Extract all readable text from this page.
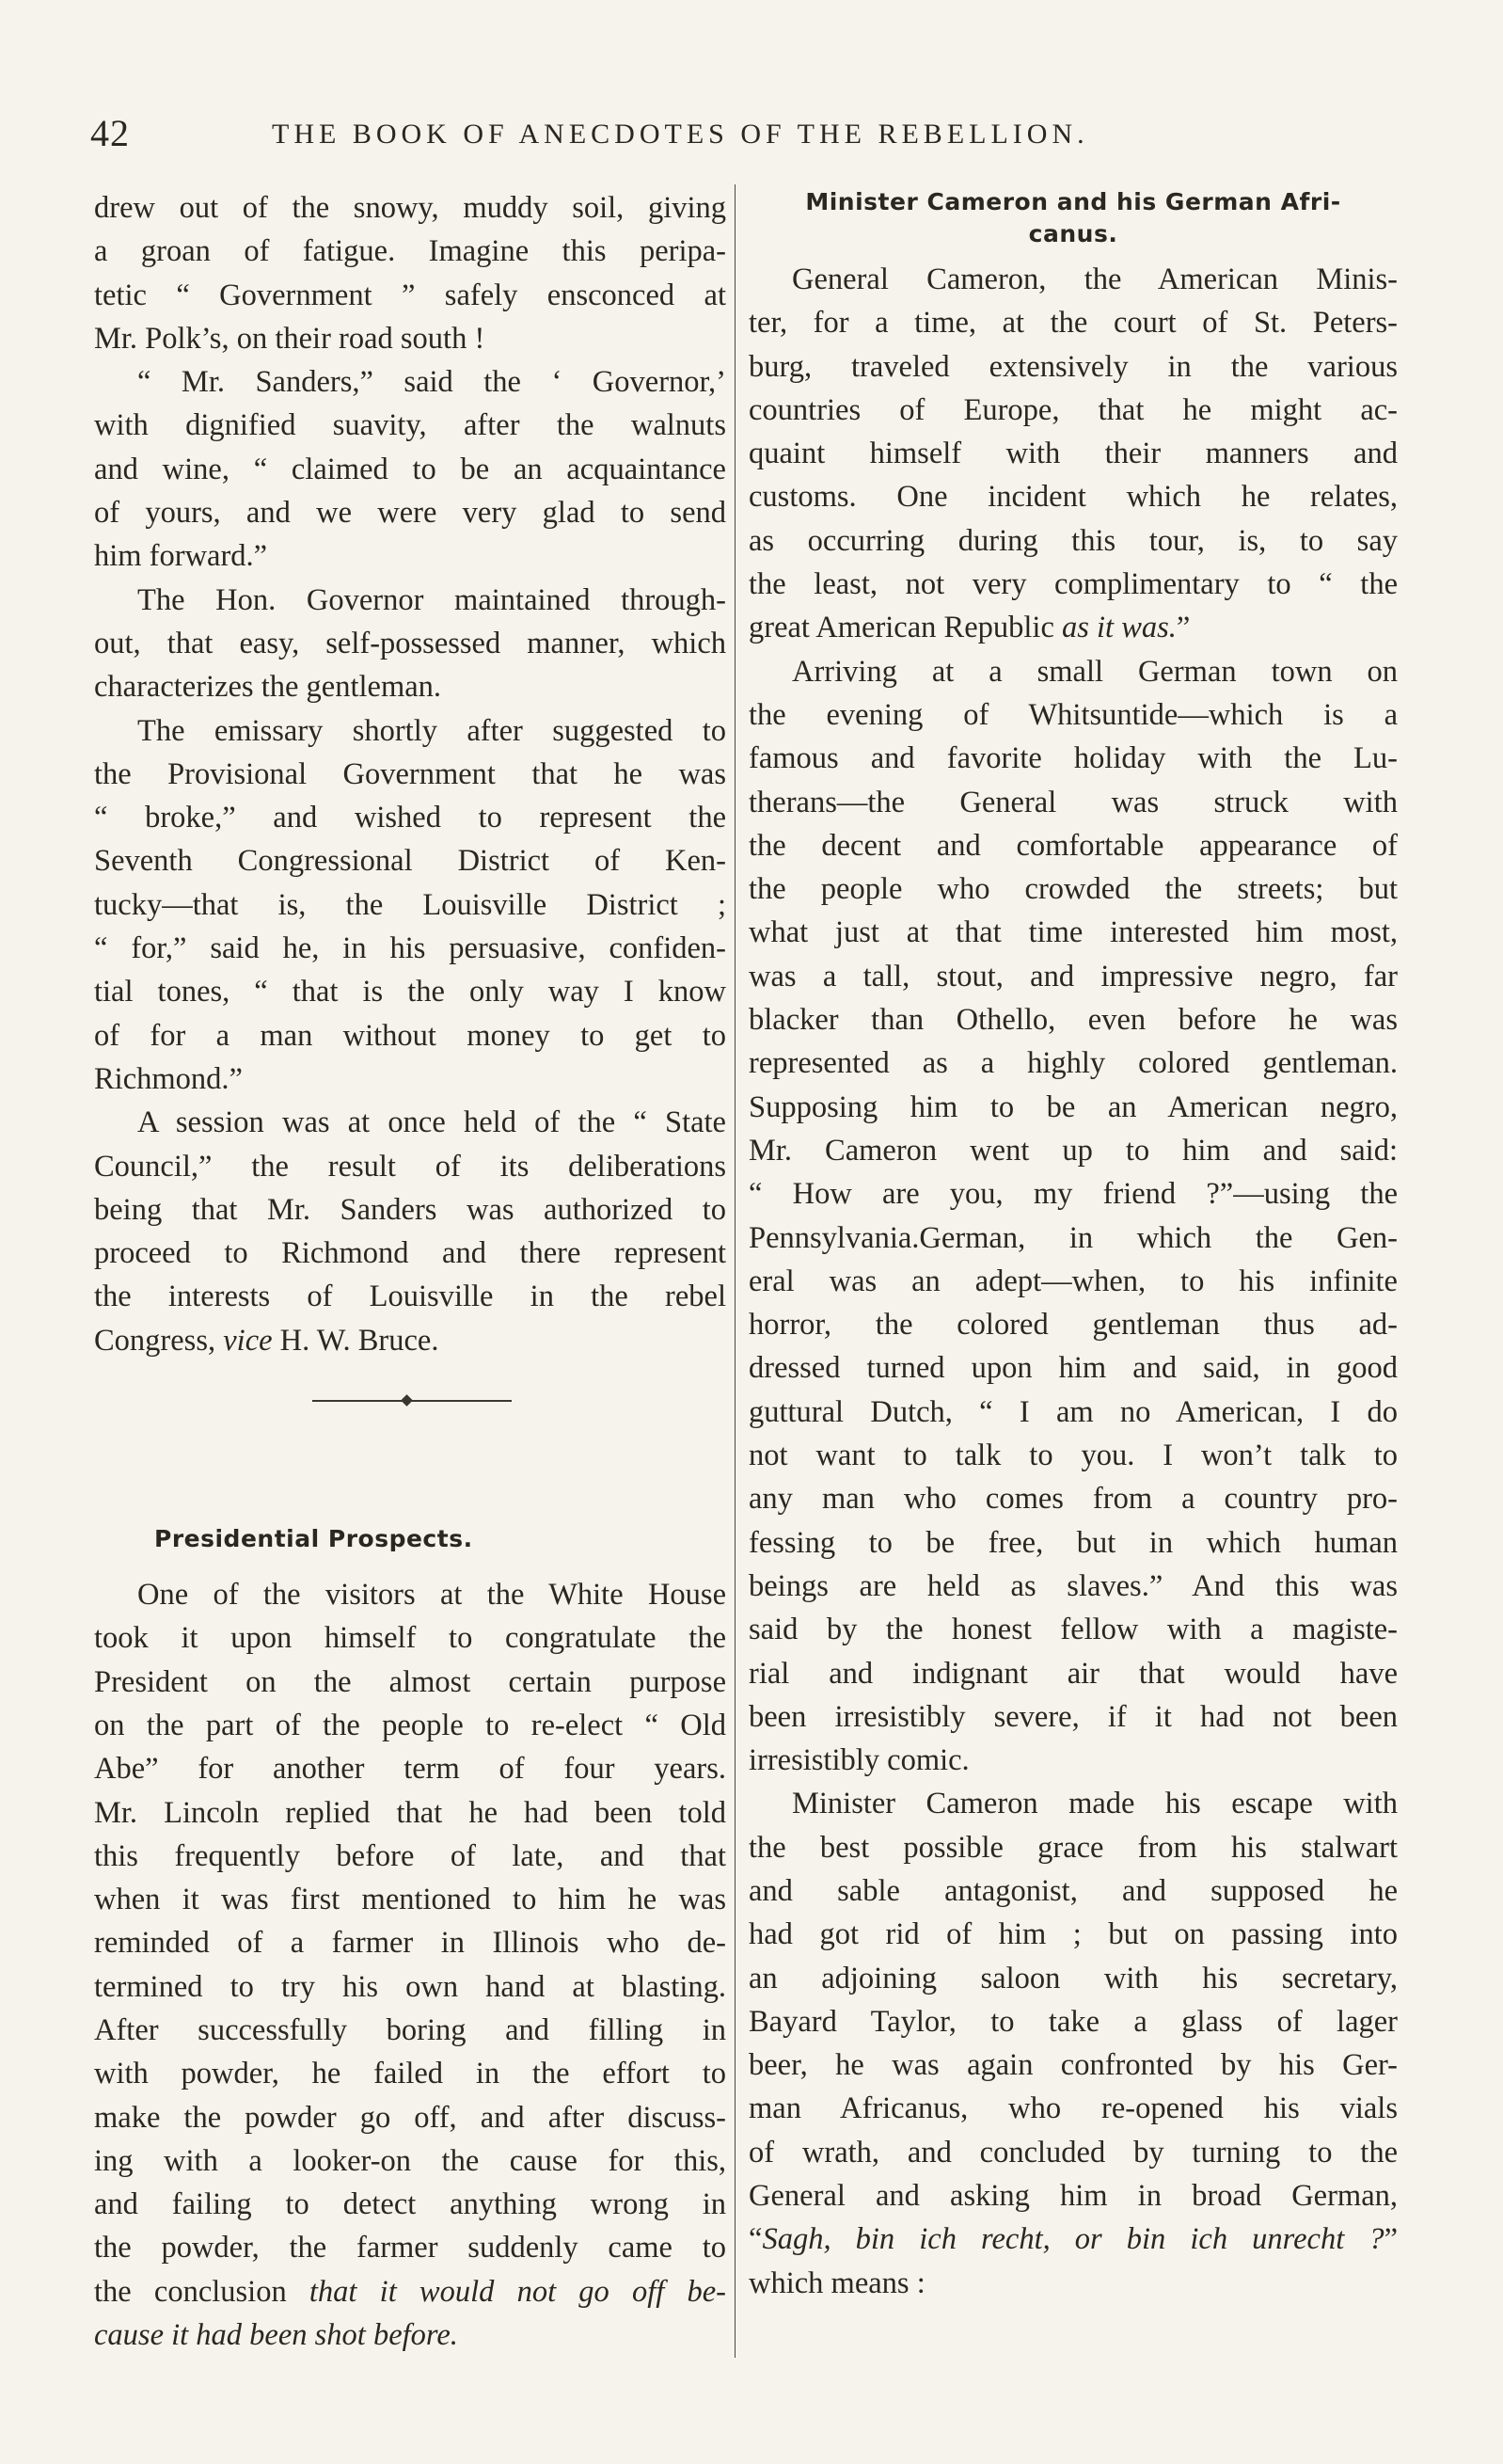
42	THE BOOK OF ANECDOTES OF THE REBELLION.
drew out of the snowy, muddy soil, giving
a groan of fatigue. Imagine this peripa-
tetic “ Government ” safely ensconced at
Mr. Polk’s, on their road south !
“ Mr. Sanders,” said the ‘ Governor,’
with dignified suavity, after the walnuts
and wine, “ claimed to be an acquaintance
of yours, and we were very glad to send
him forward.”
The Hon. Governor maintained through-
out, that easy, self-possessed manner, which
characterizes the gentleman.
The emissary shortly after suggested to
the Provisional Government that he was
“ broke,” and wished to represent the
Seventh Congressional District of Ken-
tucky—that is, the Louisville District ;
“ for,” said he, in his persuasive, confiden-
tial tones, “ that is the only way I know
of for a man without money to get to
Richmond.”
A session was at once held of the “ State
Council,” the result of its deliberations
being that Mr. Sanders was authorized to
proceed to Richmond and there represent
the interests of Louisville in the rebel
Congress, vice H. W. Bruce.
Presidential Prospects.
One of the visitors at the White House
took it upon himself to congratulate the
President on the almost certain purpose
on the part of the people to re-elect “ Old
Abe” for another term of four years.
Mr. Lincoln replied that he had been told
this frequently before of late, and that
when it was first mentioned to him he was
reminded of a farmer in Illinois who de-
termined to try his own hand at blasting.
After successfully boring and filling in
with powder, he failed in the effort to
make the powder go off, and after discuss-
ing with a looker-on the cause for this,
and failing to detect anything wrong in
the powder, the farmer suddenly came to
the conclusion that it would not go off be-
cause it had been shot before.
Minister Cameron and his German Afri-
canus.
General Cameron, the American Minis-
ter, for a time, at the court of St. Peters-
burg, traveled extensively in the various
countries of Europe, that he might ac-
quaint himself with their manners and
customs. One incident which he relates,
as occurring during this tour, is, to say
the least, not very complimentary to “ the
great American Republic as it was.”
Arriving at a small German town on
the evening of Whitsuntide—which is a
famous and favorite holiday with the Lu-
therans—the General was struck with
the decent and comfortable appearance of
the people who crowded the streets; but
what just at that time interested him most,
was a tall, stout, and impressive negro, far
blacker than Othello, even before he was
represented as a highly colored gentleman.
Supposing him to be an American negro,
Mr. Cameron went up to him and said:
“ How are you, my friend ?”—using the
Pennsylvania.German, in which the Gen-
eral was an adept—when, to his infinite
horror, the colored gentleman thus ad-
dressed turned upon him and said, in good
guttural Dutch, “ I am no American, I do
not want to talk to you. I won’t talk to
any man who comes from a country pro-
fessing to be free, but in which human
beings are held as slaves.” And this was
said by the honest fellow with a magiste-
rial and indignant air that would have
been irresistibly severe, if it had not been
irresistibly comic.
Minister Cameron made his escape with
the best possible grace from his stalwart
and sable antagonist, and supposed he
had got rid of him ; but on passing into
an adjoining saloon with his secretary,
Bayard Taylor, to take a glass of lager
beer, he was again confronted by his Ger-
man Africanus, who re-opened his vials
of wrath, and concluded by turning to the
General and asking him in broad German,
“Sagh, bin ich recht, or bin ich unrecht ?”
which means :
